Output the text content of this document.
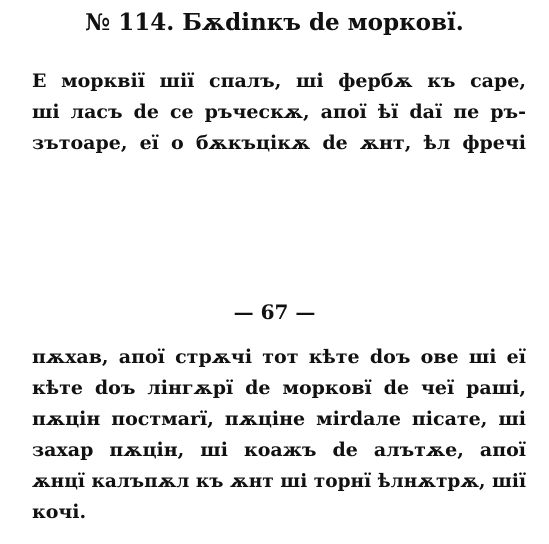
№ 114. Бѫdinкъ de морковї.
Е морквiї шiї спалъ, шi фербѫ къ саре,
шi ласъ de се ръческѫ, апоï ѣï daï пе ръ-
зътоаре, еï о бѫкъцiкѫ de ѫнт, ѣл фречi
— 67 —
пѫхав, апоï стрѫчi тот кѣте dоъ ове шi еï
кѣте dоъ лiнгѫрї de морковї de чеï рашi,
пѫцiн постмаrї, пѫцiне мirdале пiсате, шi
захар пѫцiн, шi коажъ de алътѫе, апоï
ѫнцї калъпѫл къ ѫнт шi торнï ѣлнѫтрѫ, шiї
кочi.
